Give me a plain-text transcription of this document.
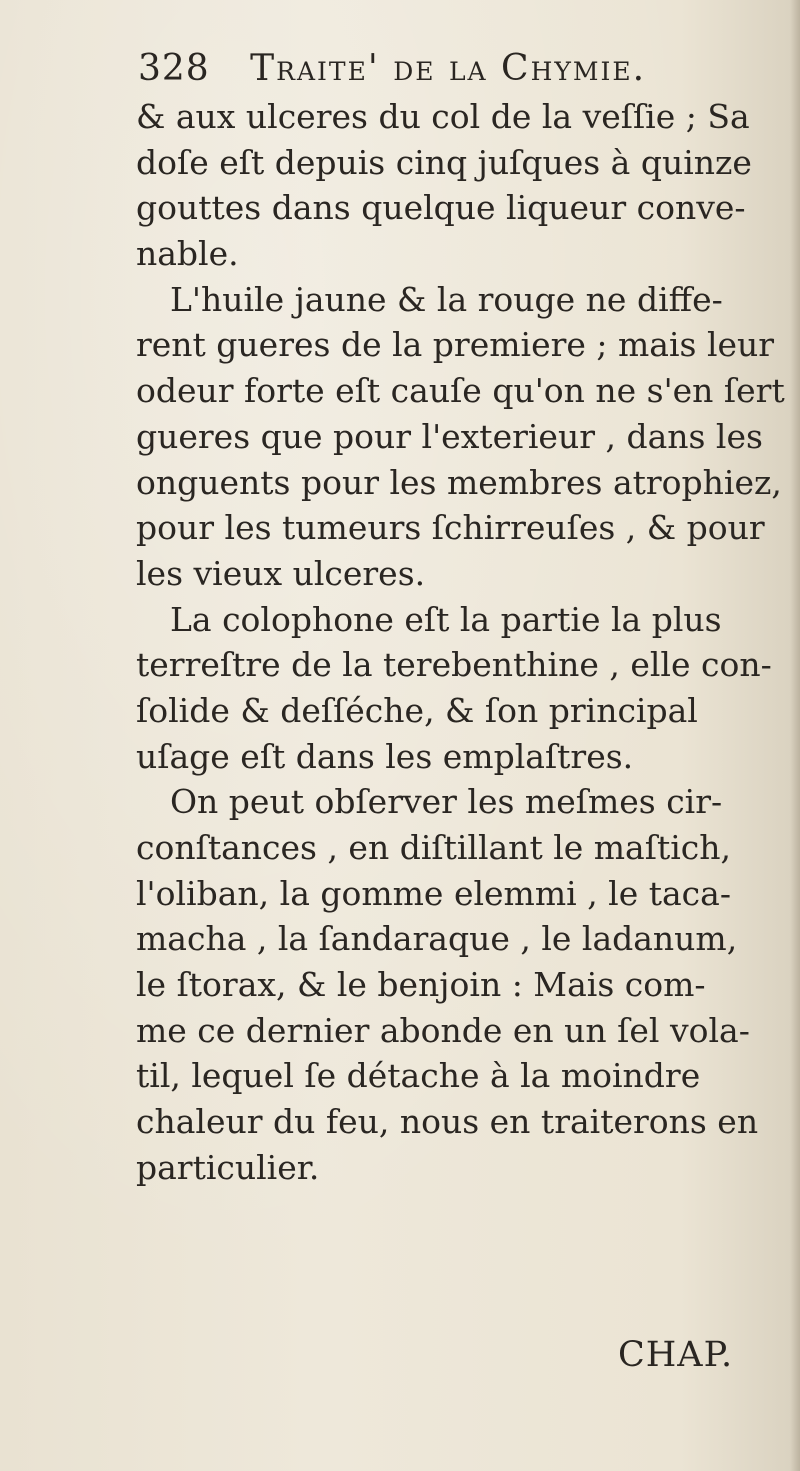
328 Traite' de la Chymie.
& aux ulceres du col de la veſſie ; Sa
doſe eſt depuis cinq juſques à quinze
gouttes dans quelque liqueur conve-
nable.
L'huile jaune & la rouge ne diffe-
rent gueres de la premiere ; mais leur
odeur forte eſt cauſe qu'on ne s'en ſert
gueres que pour l'exterieur , dans les
onguents pour les membres atrophiez,
pour les tumeurs ſchirreuſes , & pour
les vieux ulceres.
La colophone eſt la partie la plus
terreſtre de la terebenthine , elle con-
ſolide & deſſéche, & ſon principal
uſage eſt dans les emplaſtres.
On peut obſerver les meſmes cir-
conſtances , en diſtillant le maſtich,
l'oliban, la gomme elemmi , le taca-
macha , la ſandaraque , le ladanum,
le ſtorax, & le benjoin : Mais com-
me ce dernier abonde en un ſel vola-
til, lequel ſe détache à la moindre
chaleur du feu, nous en traiterons en
particulier.
CHAP.
